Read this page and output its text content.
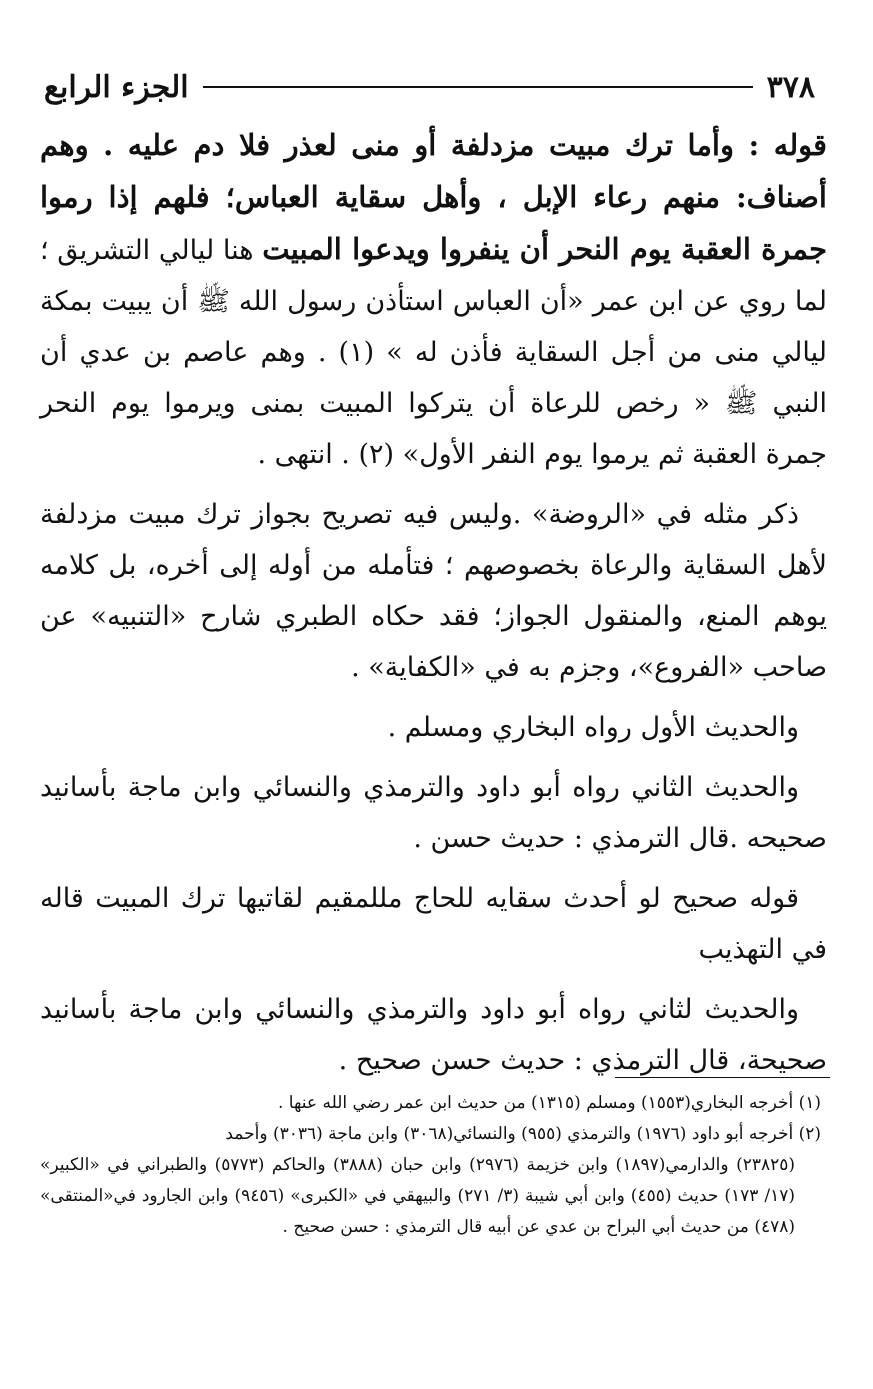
٣٧٨
الجزء الرابع

قوله : وأما ترك مبيت مزدلفة أو منى لعذر فلا دم عليه . وهم أصناف: منهم رعاء الإبل ، وأهل سقاية العباس؛ فلهم إذا رموا جمرة العقبة يوم النحر أن ينفروا ويدعوا المبيت هنا ليالي التشريق ؛لما روي عن ابن عمر «أن العباس استأذن رسول الله ﷺ أن يبيت بمكة ليالي منى من أجل السقاية فأذن له » (١) . وهم عاصم بن عدي أن النبي ﷺ « رخص للرعاة أن يتركوا المبيت بمنى ويرموا يوم النحر جمرة العقبة ثم يرموا يوم النفر الأول» (٢) . انتهى .

ذكر مثله في «الروضة» .وليس فيه تصريح بجواز ترك مبيت مزدلفة لأهل السقاية والرعاة بخصوصهم ؛ فتأمله من أوله إلى أخره، بل كلامه يوهم المنع، والمنقول الجواز؛ فقد حكاه الطبري شارح «التنبيه» عن صاحب «الفروع»، وجزم به في «الكفاية» .

والحديث الأول رواه البخاري ومسلم .

والحديث الثاني رواه أبو داود والترمذي والنسائي وابن ماجة بأسانيد صحيحه .قال الترمذي : حديث حسن .

قوله صحيح لو أحدث سقايه للحاج مللمقيم لقاتيها ترك المبيت قاله في التهذيب

والحديث لثاني رواه أبو داود والترمذي والنسائي وابن ماجة بأسانيد صحيحة، قال الترمذي : حديث حسن صحيح .

(١) أخرجه البخاري(١٥٥٣) ومسلم (١٣١٥) من حديث ابن عمر رضي الله عنها .

(٢) أخرجه أبو داود (١٩٧٦) والترمذي (٩٥٥) والنسائي(٣٠٦٨) وابن ماجة (٣٠٣٦) وأحمد

(٢٣٨٢٥) والدارمي(١٨٩٧) وابن خزيمة (٢٩٧٦) وابن حبان (٣٨٨٨) والحاكم (٥٧٧٣) والطبراني في «الكبير» (١٧/ ١٧٣) حديث (٤٥٥) وابن أبي شيبة (٣/ ٢٧١) والبيهقي في «الكبرى» (٩٤٥٦) وابن الجارود في«المنتقى» (٤٧٨) من حديث أبي البراح بن عدي عن أبيه قال الترمذي : حسن صحيح .
